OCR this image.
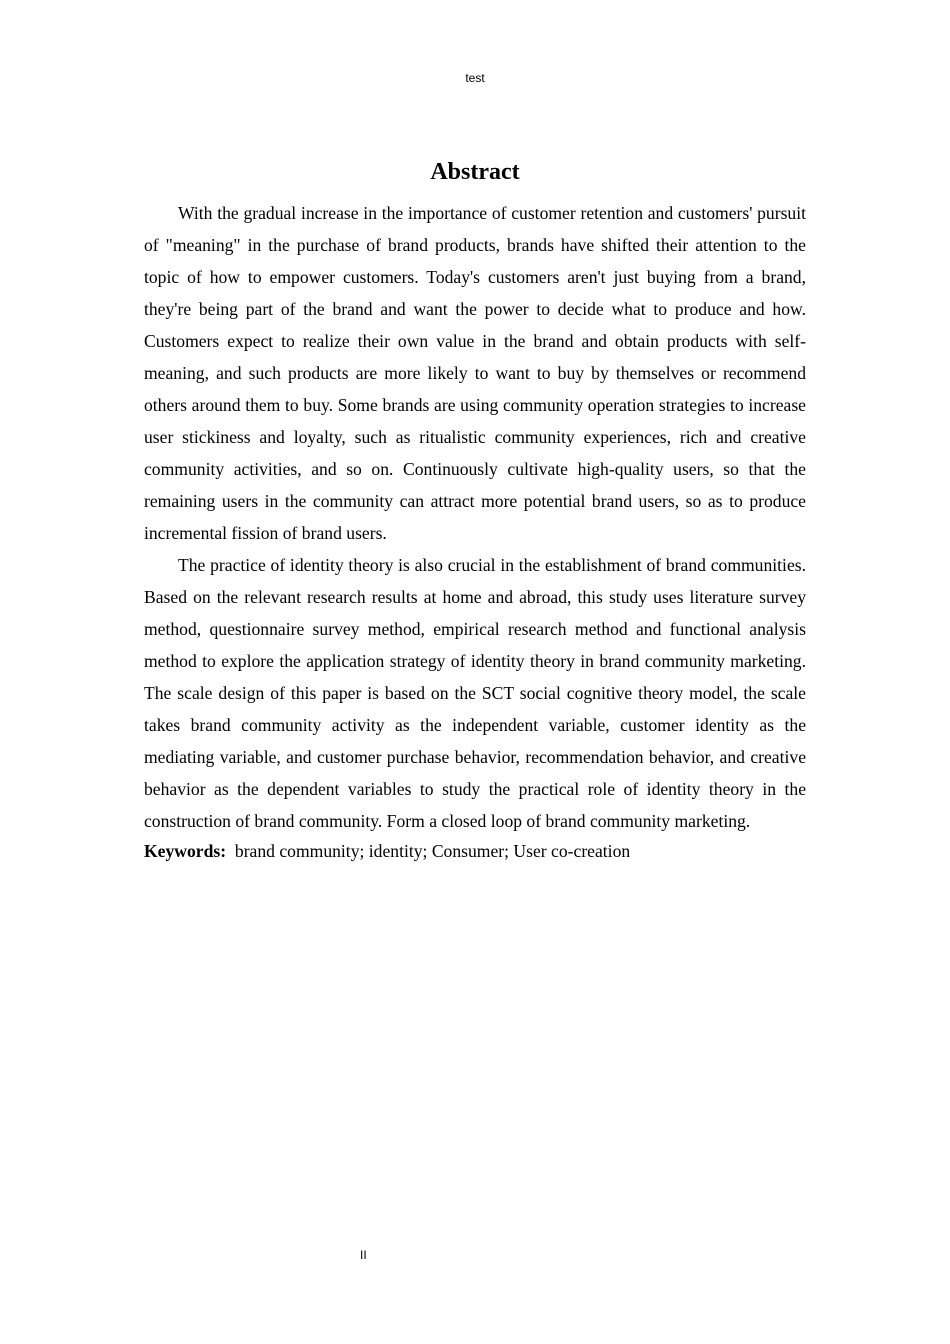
test
Abstract

With the gradual increase in the importance of customer retention and customers' pursuit of "meaning" in the purchase of brand products, brands have shifted their attention to the topic of how to empower customers. Today's customers aren't just buying from a brand, they're being part of the brand and want the power to decide what to produce and how. Customers expect to realize their own value in the brand and obtain products with self-meaning, and such products are more likely to want to buy by themselves or recommend others around them to buy. Some brands are using community operation strategies to increase user stickiness and loyalty, such as ritualistic community experiences, rich and creative community activities, and so on. Continuously cultivate high-quality users, so that the remaining users in the community can attract more potential brand users, so as to produce incremental fission of brand users.

The practice of identity theory is also crucial in the establishment of brand communities. Based on the relevant research results at home and abroad, this study uses literature survey method, questionnaire survey method, empirical research method and functional analysis method to explore the application strategy of identity theory in brand community marketing. The scale design of this paper is based on the SCT social cognitive theory model, the scale takes brand community activity as the independent variable, customer identity as the mediating variable, and customer purchase behavior, recommendation behavior, and creative behavior as the dependent variables to study the practical role of identity theory in the construction of brand community. Form a closed loop of brand community marketing.

Keywords: brand community; identity; Consumer; User co-creation

II
